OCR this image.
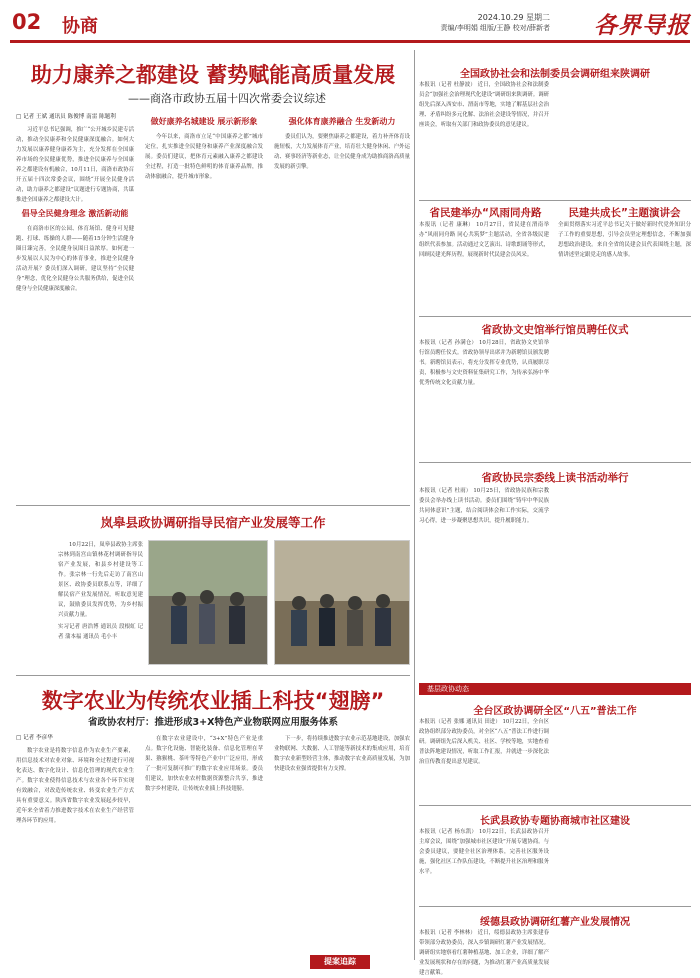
02 协商	2024.10.29 星期二
责编/李明娟 组版/王静 校对/薛新者 各界导报
助力康养之都建设 蓄势赋能高质量发展
——商洛市政协五届十四次常委会议综述
□ 记者 王斌 通讯员 陈俊博 南雷 陈题利

习近平总书记强调，推广“公开城乡民建专活动，推动全民康养和全民健康深度融合。如何大力发展以康养健身康养为主，充分发挥在全国康养市场的全民健康优势，推进全民康养与全国康养之都建设有机融合，10月11日，商洛市政协召开五届十四次常委会议，围绕“开展全民健身活动，助力康养之都建设”议题进行专题协商，共谋推进全国康养之都建设大计。

倡导全民健身理念 激活新动能

在商洛市区的公园、体育场馆、健身可见健跑、打球、练操的人群——随着15分钟生活健身圈日臻完善，全民健身氛围日益浓厚。如何进一步发展以人民为中心的体育事业，推进全民健身活动开展？委员们深入调研，建议坚持“全民健身”理念，优化全民健身公共服务供给，促进全民健身与全民健康深度融合。

做好康养名城建设 展示新形象

今年以来，商洛市立足“中国康养之都”城市定位，扎实推进全民健身和康养产业深度融合发展。委员们建议，把体育元素融入康养之都建设全过程，打造一批特色鲜明的体育康养品牌，推动体旅融合，提升城市形象。

强化体育康养融合 生发新动力

委员们认为，要聚焦康养之都建设，着力补齐体育设施短板，大力发展体育产业，培育壮大健身休闲、户外运动、赛事经济等新业态，让全民健身成为助推商洛高质量发展的新引擎。

岚皋县政协调研指导民宿产业发展等工作

10月22日，岚皋县政协主席张宗林到南宫山镇林花村调研指导民宿产业发展，和县乡村建设等工作。张宗林一行先后走访了南宫山景区、政协委员联系点等，详细了解民宿产业发展情况，听取意见建议，鼓励委员发挥优势，为乡村振兴贡献力量。

实习记者 唐浩博 通讯员 段根虹 记者 蒲本福 通讯员 毛小丰
数字农业为传统农业插上科技“翅膀”
省政协农村厅：推进形成3+X特色产业物联网应用服务体系
□ 记者 李彦华

数字农业是将数字信息作为农业生产要素，用信息技术对农业对象、环境和全过程进行可视化表达、数字化设计、信息化管理的现代农业生产。数字农业使得信息技术与农业各个环节实现有效融合，对改造传统农业、转变农业生产方式具有重要意义。陕西省数字农业发展起步较早，近年来全省着力推进数字技术在农业生产经营管理各环节的应用。

在数字农业建设中，“3+X”特色产业是重点。数字化设施、智能化装备、信息化管理在苹果、猕猴桃、茶叶等特色产业中广泛应用，形成了一批可复制可推广的数字农业应用场景。委员们建议，加快农业农村数据资源整合共享，推进数字乡村建设，让传统农业插上科技翅膀。

下一步，将持续推进数字农业示范基地建设，加强农业物联网、大数据、人工智能等新技术的集成应用，培育数字农业新型经营主体，推动数字农业高质量发展，为加快建设农业强省提供有力支撑。

提案追踪
全国政协社会和法制委员会调研组来陕调研
本报讯（记者 杜静波） 近日，全国政协社会和法制委员会“加强社会治理现代化建设”调研组来陕调研。调研组先后深入西安市、渭南市等地，实地了解基层社会治理、矛盾纠纷多元化解、法治社会建设等情况，并召开座谈会，听取有关部门和政协委员的意见建议。
省民建举办“风雨同舟路	民建共成长”主题演讲会
本报讯（记者 康琳） 10月27日，省民建在渭南举办“风雨同舟路 同心共筑梦”主题活动，全省各级民建组织代表参加。活动通过文艺演出、诗歌朗诵等形式，回顾民建光辉历程，展现新时代民建会员风采。
全面贯彻落实习近平总书记关于做好新时代党外知识分子工作的重要思想，引导会员坚定理想信念，不断加强思想政治建设。来自全省的民建会员代表围绕主题，深情讲述坚定跟党走的感人故事。
省政协文史馆举行馆员聘任仪式
本报讯（记者 孙满仓） 10月28日，省政协文史馆举行馆员聘任仪式。省政协领导出席并为新聘馆员颁发聘书。新聘馆员表示，将充分发挥专业优势，认真履职尽责，积极参与文史资料征集研究工作，为传承弘扬中华优秀传统文化贡献力量。
省政协民宗委线上读书活动举行
本报讯（记者 杜雨） 10月25日，省政协民族和宗教委员会举办线上读书活动。委员们围绕“铸牢中华民族共同体意识”主题，结合阅读体会和工作实际，交流学习心得，进一步凝聚思想共识，提升履职能力。
基层政协动态
全台区政协调研全区“八五”普法工作
本报讯（记者 张娜 通讯员 田进） 10月22日，全台区政协组织部分政协委员，对全区“八五”普法工作进行调研。调研组先后深入机关、社区、学校等地，实地查看普法阵地建设情况，听取工作汇报，并就进一步深化法治宣传教育提出意见建议。
长武县政协专题协商城市社区建设
本报讯（记者 杨东凯） 10月22日，长武县政协召开主席会议，围绕“加强城市社区建设”开展专题协商。与会委员建议，要健全社区治理体系，完善社区服务设施，强化社区工作队伍建设，不断提升社区治理和服务水平。
绥德县政协调研红薯产业发展情况
本报讯（记者 李林林） 近日，绥德县政协主席张建春带领部分政协委员，深入乡镇调研红薯产业发展情况。调研组实地察看红薯种植基地、加工企业，详细了解产业发展现状和存在的问题，为推动红薯产业高质量发展建言献策。
